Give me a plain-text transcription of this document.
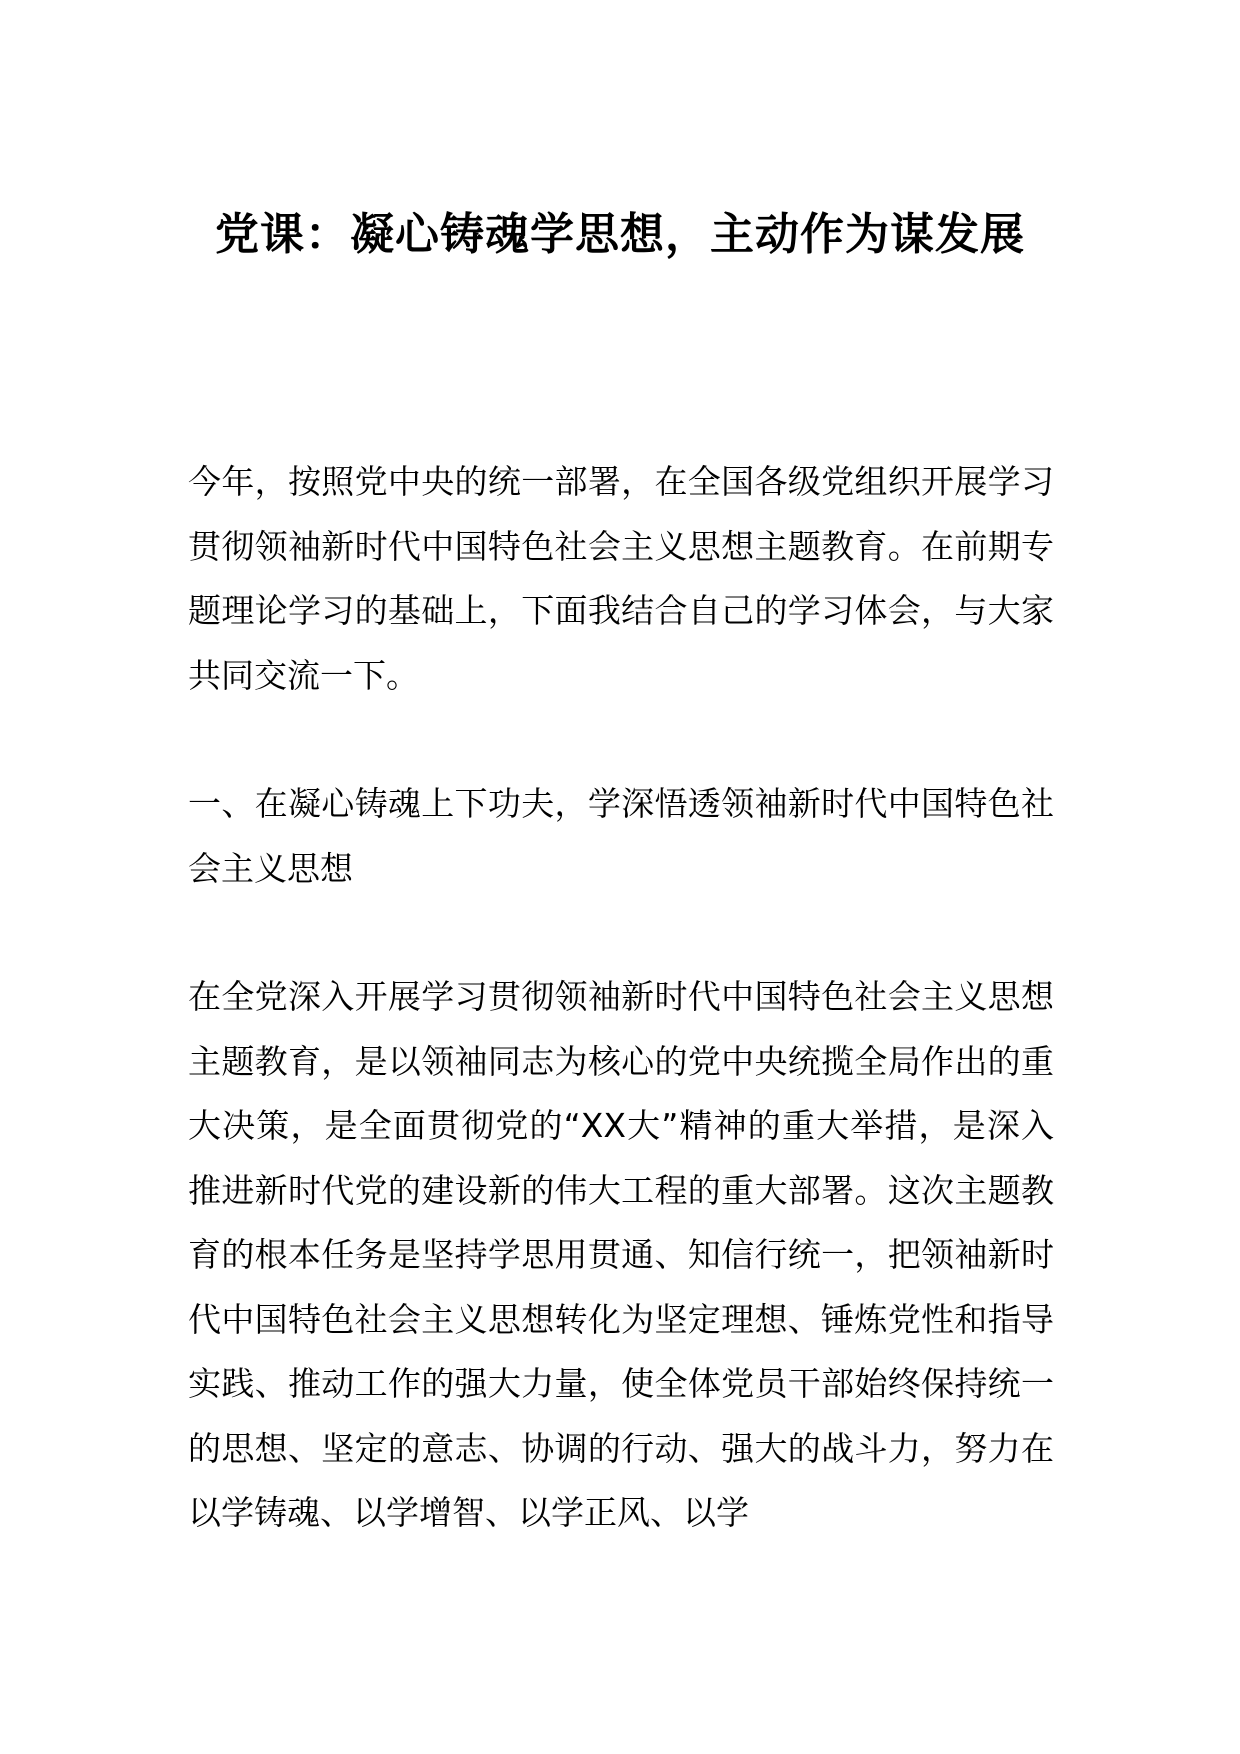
党课：凝心铸魂学思想，主动作为谋发展

今年，按照党中央的统一部署，在全国各级党组织开展学习贯彻领袖新时代中国特色社会主义思想主题教育。在前期专题理论学习的基础上，下面我结合自己的学习体会，与大家共同交流一下。

一、在凝心铸魂上下功夫，学深悟透领袖新时代中国特色社会主义思想

在全党深入开展学习贯彻领袖新时代中国特色社会主义思想主题教育，是以领袖同志为核心的党中央统揽全局作出的重大决策，是全面贯彻党的“XX大”精神的重大举措，是深入推进新时代党的建设新的伟大工程的重大部署。这次主题教育的根本任务是坚持学思用贯通、知信行统一，把领袖新时代中国特色社会主义思想转化为坚定理想、锤炼党性和指导实践、推动工作的强大力量，使全体党员干部始终保持统一的思想、坚定的意志、协调的行动、强大的战斗力，努力在以学铸魂、以学增智、以学正风、以学
